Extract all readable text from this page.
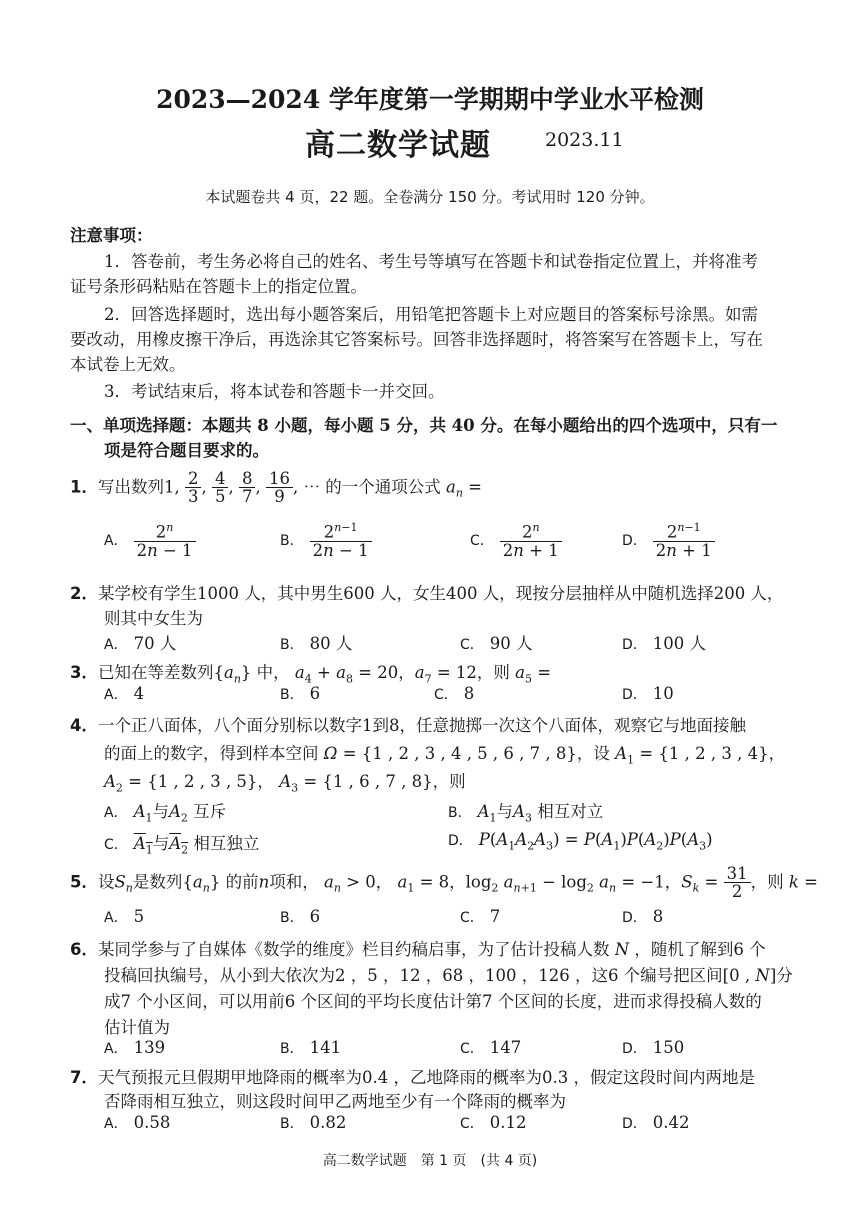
2023—2024 学年度第一学期期中学业水平检测
高二数学试题	2023.11
本试题卷共 4 页，22 题。全卷满分 150 分。考试用时 120 分钟。
注意事项：
1．答卷前，考生务必将自己的姓名、考生号等填写在答题卡和试卷指定位置上，并将准考
证号条形码粘贴在答题卡上的指定位置。
2．回答选择题时，选出每小题答案后，用铅笔把答题卡上对应题目的答案标号涂黑。如需
要改动，用橡皮擦干净后，再选涂其它答案标号。回答非选择题时，将答案写在答题卡上，写在
本试卷上无效。
3．考试结束后，将本试卷和答题卡一并交回。
一、单项选择题：本题共 8 小题，每小题 5 分，共 40 分。在每小题给出的四个选项中，只有一
项是符合题目要求的。
1．写出数列1, $\frac{2}{3}$ , $\frac{4}{5}$ , $\frac{8}{7}$ , $\frac{16}{9}$ , ⋯ 的一个通项公式 $a_n$ =
A． $\frac{2^n}{2n - 1}$	B． $\frac{2^{n-1}}{2n - 1}$	C． $\frac{2^n}{2n + 1}$	D． $\frac{2^{n-1}}{2n + 1}$
2．某学校有学生1000 人，其中男生600 人，女生400 人，现按分层抽样从中随机选择200 人，
则其中女生为
A． 70 人	B． 80 人	C． 90 人	D． 100 人
3．已知在等差数列$\{a_n\}$ 中， $a_4 + a_8 = 20$，$a_7 = 12$，则 $a_5$ =
A． 4	B． 6	C． 8	D． 10
4．一个正八面体，八个面分别标以数字1到8，任意抛掷一次这个八面体，观察它与地面接触
的面上的数字，得到样本空间 Ω = {1 , 2 , 3 , 4 , 5 , 6 , 7 , 8}，设 $A_1 = \{1$ , 2 , 3 , 4}，
$A_2 = \{1$ , 2 , 3 , 5}， $A_3 = \{1$ , 6 , 7 , 8}，则
A． $A_1$与$A_2$ 互斥	B． $A_1$与$A_3$ 相互对立
C． $A_1$与$A_2$ 相互独立	D． $P(A_1A_2A_3) = P(A_1)P(A_2)P(A_3)$
5．设$S_n$是数列$\{a_n\}$ 的前n项和， $a_n > 0$， $a_1 = 8$，$\log_2 a_{n+1} - \log_2 a_n = -1$，$S_k = \frac{31}{2}$ ，则 k =
A． 5	B． 6	C． 7	D． 8
6．某同学参与了自媒体《数学的维度》栏目约稿启事，为了估计投稿人数 N ，随机了解到6 个
投稿回执编号，从小到大依次为2 ，5 ，12 ，68 ，100 ，126 ，这6 个编号把区间[0 , N]分
成7 个小区间，可以用前6 个区间的平均长度估计第7 个区间的长度，进而求得投稿人数的
估计值为
A． 139	B． 141	C． 147	D． 150
7．天气预报元旦假期甲地降雨的概率为0.4 ，乙地降雨的概率为0.3 ，假定这段时间内两地是
否降雨相互独立，则这段时间甲乙两地至少有一个降雨的概率为
A． 0.58	B． 0.82	C． 0.12	D． 0.42
高二数学试题　第 1 页　(共 4 页)
